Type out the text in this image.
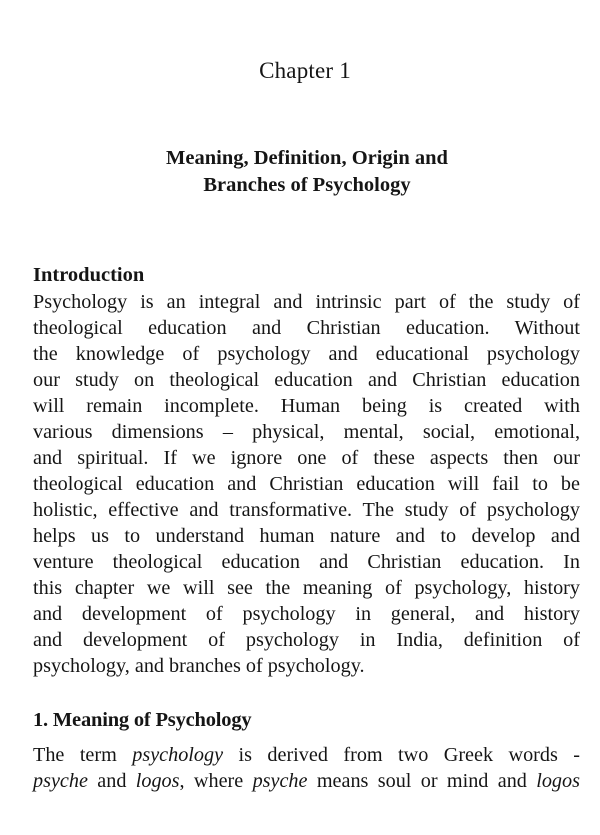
Chapter 1
Meaning, Definition, Origin and
Branches of Psychology
Introduction
Psychology is an integral and intrinsic part of the study of
theological education and Christian education. Without
the knowledge of psychology and educational psychology
our study on theological education and Christian education
will remain incomplete. Human being is created with
various dimensions – physical, mental, social, emotional,
and spiritual. If we ignore one of these aspects then our
theological education and Christian education will fail to be
holistic, effective and transformative. The study of psychology
helps us to understand human nature and to develop and
venture theological education and Christian education. In
this chapter we will see the meaning of psychology, history
and development of psychology in general, and history
and development of psychology in India, definition of
psychology, and branches of psychology.
1. Meaning of Psychology
The term psychology is derived from two Greek words -
psyche and logos, where psyche means soul or mind and logos
